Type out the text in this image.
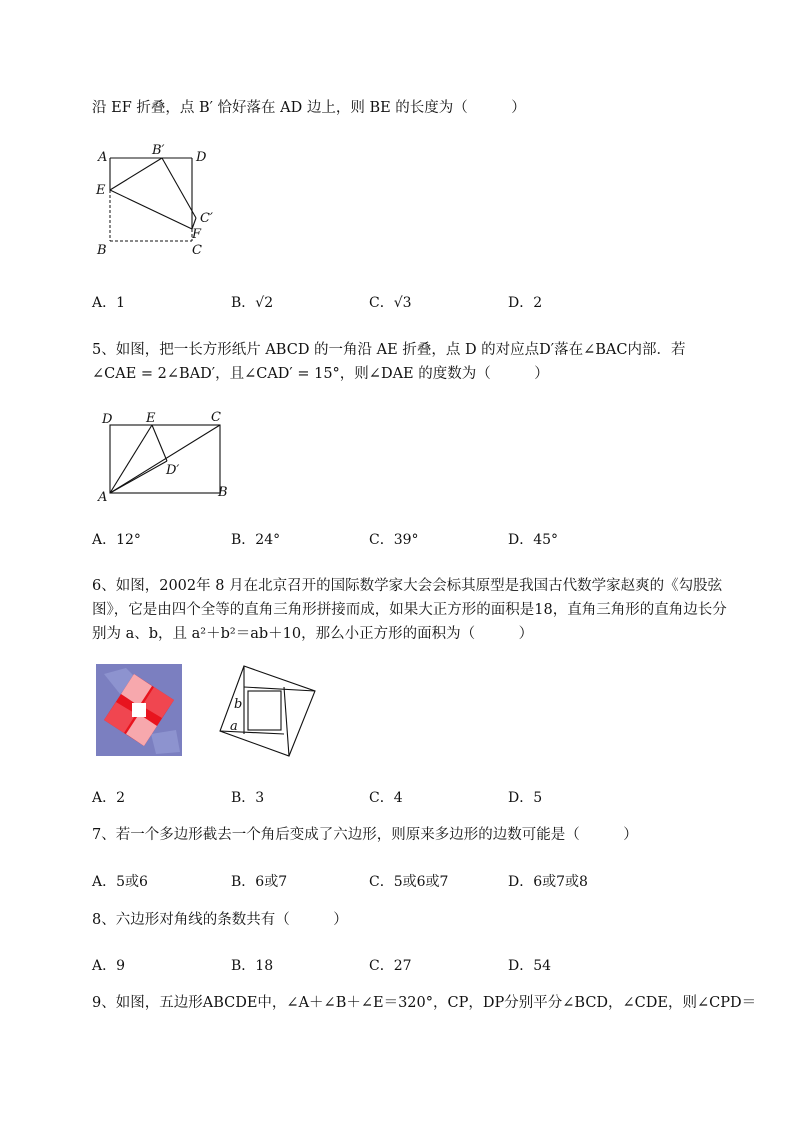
沿 EF 折叠，点 B′ 恰好落在 AD 边上，则 BE 的长度为（　　　）
A	B′ D
E
C′
F
B	C
A．1	B．√2	C．√3	D．2
5、如图，把一长方形纸片 ABCD 的一角沿 AE 折叠，点 D 的对应点D′落在∠BAC内部．若
∠CAE = 2∠BAD′，且∠CAD′ = 15°，则∠DAE 的度数为（　　　）
D	E	C
D′
A	B
A．12°	B．24°	C．39°	D．45°
6、如图，2002年 8 月在北京召开的国际数学家大会会标其原型是我国古代数学家赵爽的《勾股弦
图》，它是由四个全等的直角三角形拼接而成，如果大正方形的面积是18，直角三角形的直角边长分
别为 a、b，且 a²＋b²＝ab＋10，那么小正方形的面积为（　　　）
b
a
A．2	B．3	C．4	D．5
7、若一个多边形截去一个角后变成了六边形，则原来多边形的边数可能是（　　　）
A．5或6	B．6或7	C．5或6或7	D．6或7或8
8、六边形对角线的条数共有（　　　）
A．9	B．18	C．27	D．54
9、如图，五边形ABCDE中，∠A＋∠B＋∠E＝320°，CP，DP分别平分∠BCD，∠CDE，则∠CPD＝
